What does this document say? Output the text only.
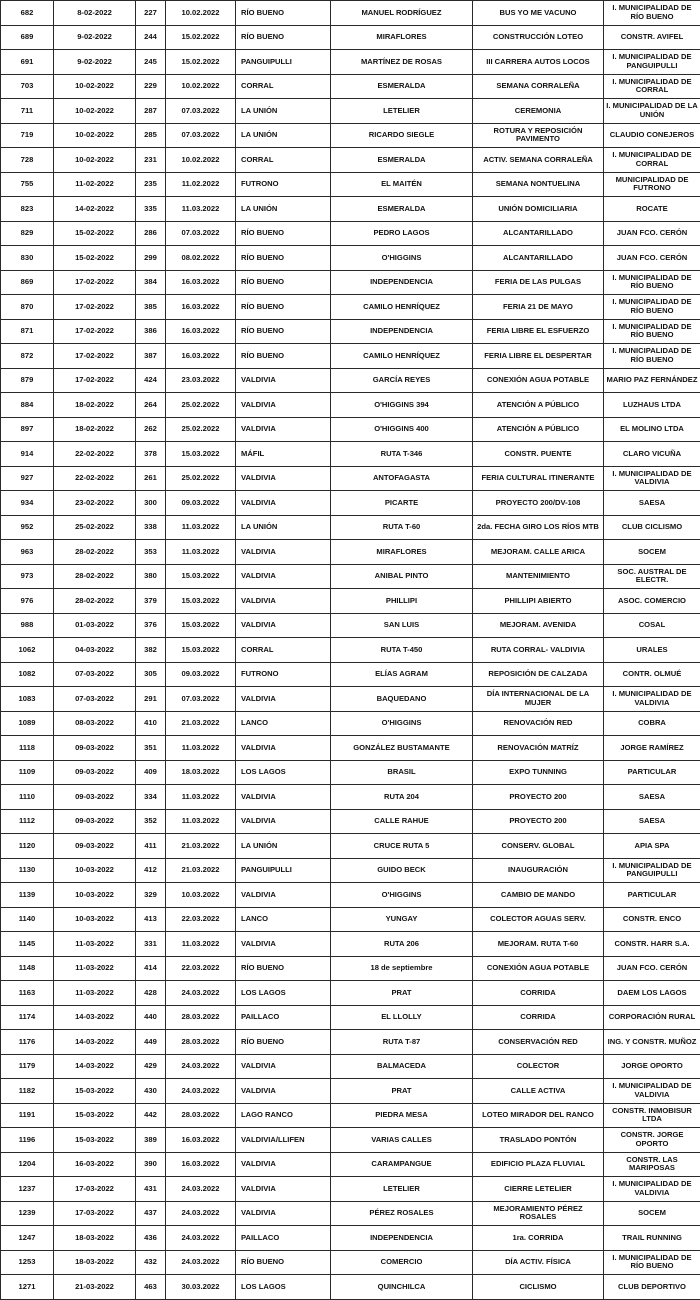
682	8-02-2022	227	10.02.2022	RÍO BUENO	MANUEL RODRÍGUEZ	BUS YO ME VACUNO	I. MUNICIPALIDAD DE RÍO BUENO
689	9-02-2022	244	15.02.2022	RÍO BUENO	MIRAFLORES	CONSTRUCCIÓN LOTEO	CONSTR. AVIFEL
691	9-02-2022	245	15.02.2022	PANGUIPULLI	MARTÍNEZ DE ROSAS	III CARRERA AUTOS LOCOS	I. MUNICIPALIDAD DE PANGUIPULLI
703	10-02-2022	229	10.02.2022	CORRAL	ESMERALDA	SEMANA CORRALEÑA	I. MUNICIPALIDAD DE CORRAL
711	10-02-2022	287	07.03.2022	LA UNIÓN	LETELIER	CEREMONIA	I. MUNICIPALIDAD DE LA UNIÓN
719	10-02-2022	285	07.03.2022	LA UNIÓN	RICARDO SIEGLE	ROTURA Y REPOSICIÓN PAVIMENTO	CLAUDIO CONEJEROS
728	10-02-2022	231	10.02.2022	CORRAL	ESMERALDA	ACTIV. SEMANA CORRALEÑA	I. MUNICIPALIDAD DE CORRAL
755	11-02-2022	235	11.02.2022	FUTRONO	EL MAITÉN	SEMANA NONTUELINA	MUNICIPALIDAD DE FUTRONO
823	14-02-2022	335	11.03.2022	LA UNIÓN	ESMERALDA	UNIÓN DOMICILIARIA	ROCATE
829	15-02-2022	286	07.03.2022	RÍO BUENO	PEDRO LAGOS	ALCANTARILLADO	JUAN FCO. CERÓN
830	15-02-2022	299	08.02.2022	RÍO BUENO	O'HIGGINS	ALCANTARILLADO	JUAN FCO. CERÓN
869	17-02-2022	384	16.03.2022	RÍO BUENO	INDEPENDENCIA	FERIA DE LAS PULGAS	I. MUNICIPALIDAD DE RÍO BUENO
870	17-02-2022	385	16.03.2022	RÍO BUENO	CAMILO HENRÍQUEZ	FERIA 21 DE MAYO	I. MUNICIPALIDAD DE RÍO BUENO
871	17-02-2022	386	16.03.2022	RÍO BUENO	INDEPENDENCIA	FERIA LIBRE EL ESFUERZO	I. MUNICIPALIDAD DE RÍO BUENO
872	17-02-2022	387	16.03.2022	RÍO BUENO	CAMILO HENRÍQUEZ	FERIA LIBRE EL DESPERTAR	I. MUNICIPALIDAD DE RÍO BUENO
879	17-02-2022	424	23.03.2022	VALDIVIA	GARCÍA REYES	CONEXIÓN AGUA POTABLE	MARIO PAZ FERNÁNDEZ
884	18-02-2022	264	25.02.2022	VALDIVIA	O'HIGGINS 394	ATENCIÓN A PÚBLICO	LUZHAUS LTDA
897	18-02-2022	262	25.02.2022	VALDIVIA	O'HIGGINS 400	ATENCIÓN A PÚBLICO	EL MOLINO LTDA
914	22-02-2022	378	15.03.2022	MÁFIL	RUTA T-346	CONSTR. PUENTE	CLARO VICUÑA
927	22-02-2022	261	25.02.2022	VALDIVIA	ANTOFAGASTA	FERIA CULTURAL ITINERANTE	I. MUNICIPALIDAD DE VALDIVIA
934	23-02-2022	300	09.03.2022	VALDIVIA	PICARTE	PROYECTO 200/DV-108	SAESA
952	25-02-2022	338	11.03.2022	LA UNIÓN	RUTA T-60	2da. FECHA GIRO LOS RÍOS MTB	CLUB CICLISMO
963	28-02-2022	353	11.03.2022	VALDIVIA	MIRAFLORES	MEJORAM. CALLE ARICA	SOCEM
973	28-02-2022	380	15.03.2022	VALDIVIA	ANIBAL PINTO	MANTENIMIENTO	SOC. AUSTRAL DE ELECTR.
976	28-02-2022	379	15.03.2022	VALDIVIA	PHILLIPI	PHILLIPI ABIERTO	ASOC. COMERCIO
988	01-03-2022	376	15.03.2022	VALDIVIA	SAN LUIS	MEJORAM. AVENIDA	COSAL
1062	04-03-2022	382	15.03.2022	CORRAL	RUTA T-450	RUTA CORRAL- VALDIVIA	URALES
1082	07-03-2022	305	09.03.2022	FUTRONO	ELÍAS AGRAM	REPOSICIÓN DE CALZADA	CONTR. OLMUÉ
1083	07-03-2022	291	07.03.2022	VALDIVIA	BAQUEDANO	DÍA INTERNACIONAL DE LA MUJER	I. MUNICIPALIDAD DE VALDIVIA
1089	08-03-2022	410	21.03.2022	LANCO	O'HIGGINS	RENOVACIÓN RED	COBRA
1118	09-03-2022	351	11.03.2022	VALDIVIA	GONZÁLEZ BUSTAMANTE	RENOVACIÓN MATRÍZ	JORGE RAMÍREZ
1109	09-03-2022	409	18.03.2022	LOS LAGOS	BRASIL	EXPO TUNNING	PARTICULAR
1110	09-03-2022	334	11.03.2022	VALDIVIA	RUTA 204	PROYECTO 200	SAESA
1112	09-03-2022	352	11.03.2022	VALDIVIA	CALLE RAHUE	PROYECTO 200	SAESA
1120	09-03-2022	411	21.03.2022	LA UNIÓN	CRUCE RUTA 5	CONSERV. GLOBAL	APIA SPA
1130	10-03-2022	412	21.03.2022	PANGUIPULLI	GUIDO BECK	INAUGURACIÓN	I. MUNICIPALIDAD DE PANGUIPULLI
1139	10-03-2022	329	10.03.2022	VALDIVIA	O'HIGGINS	CAMBIO DE MANDO	PARTICULAR
1140	10-03-2022	413	22.03.2022	LANCO	YUNGAY	COLECTOR AGUAS SERV.	CONSTR. ENCO
1145	11-03-2022	331	11.03.2022	VALDIVIA	RUTA 206	MEJORAM. RUTA T-60	CONSTR. HARR S.A.
1148	11-03-2022	414	22.03.2022	RÍO BUENO	18 de septiembre	CONEXIÓN AGUA POTABLE	JUAN FCO. CERÓN
1163	11-03-2022	428	24.03.2022	LOS LAGOS	PRAT	CORRIDA	DAEM LOS LAGOS
1174	14-03-2022	440	28.03.2022	PAILLACO	EL LLOLLY	CORRIDA	CORPORACIÓN RURAL
1176	14-03-2022	449	28.03.2022	RÍO BUENO	RUTA T-87	CONSERVACIÓN RED	ING. Y CONSTR. MUÑOZ
1179	14-03-2022	429	24.03.2022	VALDIVIA	BALMACEDA	COLECTOR	JORGE OPORTO
1182	15-03-2022	430	24.03.2022	VALDIVIA	PRAT	CALLE ACTIVA	I. MUNICIPALIDAD DE VALDIVIA
1191	15-03-2022	442	28.03.2022	LAGO RANCO	PIEDRA MESA	LOTEO MIRADOR DEL RANCO	CONSTR. INMOBISUR LTDA
1196	15-03-2022	389	16.03.2022	VALDIVIA/LLIFEN	VARIAS CALLES	TRASLADO PONTÓN	CONSTR. JORGE OPORTO
1204	16-03-2022	390	16.03.2022	VALDIVIA	CARAMPANGUE	EDIFICIO PLAZA FLUVIAL	CONSTR. LAS MARIPOSAS
1237	17-03-2022	431	24.03.2022	VALDIVIA	LETELIER	CIERRE LETELIER	I. MUNICIPALIDAD DE VALDIVIA
1239	17-03-2022	437	24.03.2022	VALDIVIA	PÉREZ ROSALES	MEJORAMIENTO PÉREZ ROSALES	SOCEM
1247	18-03-2022	436	24.03.2022	PAILLACO	INDEPENDENCIA	1ra. CORRIDA	TRAIL RUNNING
1253	18-03-2022	432	24.03.2022	RÍO BUENO	COMERCIO	DÍA ACTIV. FÍSICA	I. MUNICIPALIDAD DE RÍO BUENO
1271	21-03-2022	463	30.03.2022	LOS LAGOS	QUINCHILCA	CICLISMO	CLUB DEPORTIVO
